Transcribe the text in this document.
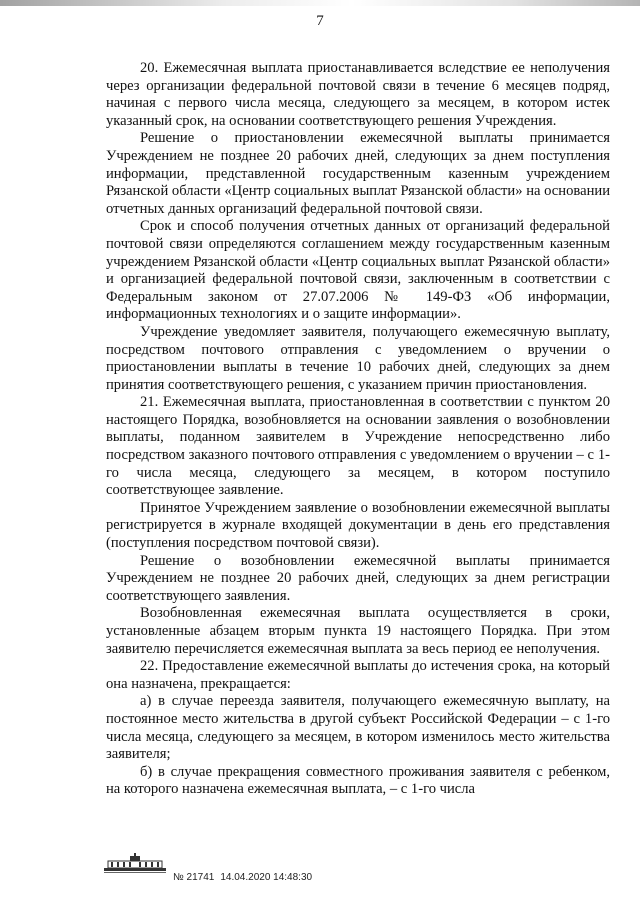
7

20. Ежемесячная выплата приостанавливается вследствие ее неполучения через организации федеральной почтовой связи в течение 6 месяцев подряд, начиная с первого числа месяца, следующего за месяцем, в котором истек указанный срок, на основании соответствующего решения Учреждения.

Решение о приостановлении ежемесячной выплаты принимается Учреждением не позднее 20 рабочих дней, следующих за днем поступления информации, представленной государственным казенным учреждением Рязанской области «Центр социальных выплат Рязанской области» на основании отчетных данных организаций федеральной почтовой связи.

Срок и способ получения отчетных данных от организаций федеральной почтовой связи определяются соглашением между государственным казенным учреждением Рязанской области «Центр социальных выплат Рязанской области» и организацией федеральной почтовой связи, заключенным в соответствии с Федеральным законом от 27.07.2006 № 149-ФЗ «Об информации, информационных технологиях и о защите информации».

Учреждение уведомляет заявителя, получающего ежемесячную выплату, посредством почтового отправления с уведомлением о вручении о приостановлении выплаты в течение 10 рабочих дней, следующих за днем принятия соответствующего решения, с указанием причин приостановления.

21. Ежемесячная выплата, приостановленная в соответствии с пунктом 20 настоящего Порядка, возобновляется на основании заявления о возобновлении выплаты, поданном заявителем в Учреждение непосредственно либо посредством заказного почтового отправления с уведомлением о вручении – с 1-го числа месяца, следующего за месяцем, в котором поступило соответствующее заявление.

Принятое Учреждением заявление о возобновлении ежемесячной выплаты регистрируется в журнале входящей документации в день его представления (поступления посредством почтовой связи).

Решение о возобновлении ежемесячной выплаты принимается Учреждением не позднее 20 рабочих дней, следующих за днем регистрации соответствующего заявления.

Возобновленная ежемесячная выплата осуществляется в сроки, установленные абзацем вторым пункта 19 настоящего Порядка. При этом заявителю перечисляется ежемесячная выплата за весь период ее неполучения.

22. Предоставление ежемесячной выплаты до истечения срока, на который она назначена, прекращается:

а) в случае переезда заявителя, получающего ежемесячную выплату, на постоянное место жительства в другой субъект Российской Федерации – с 1-го числа месяца, следующего за месяцем, в котором изменилось место жительства заявителя;

б) в случае прекращения совместного проживания заявителя с ребенком, на которого назначена ежемесячная выплата, – с 1-го числа

№ 21741 14.04.2020 14:48:30
